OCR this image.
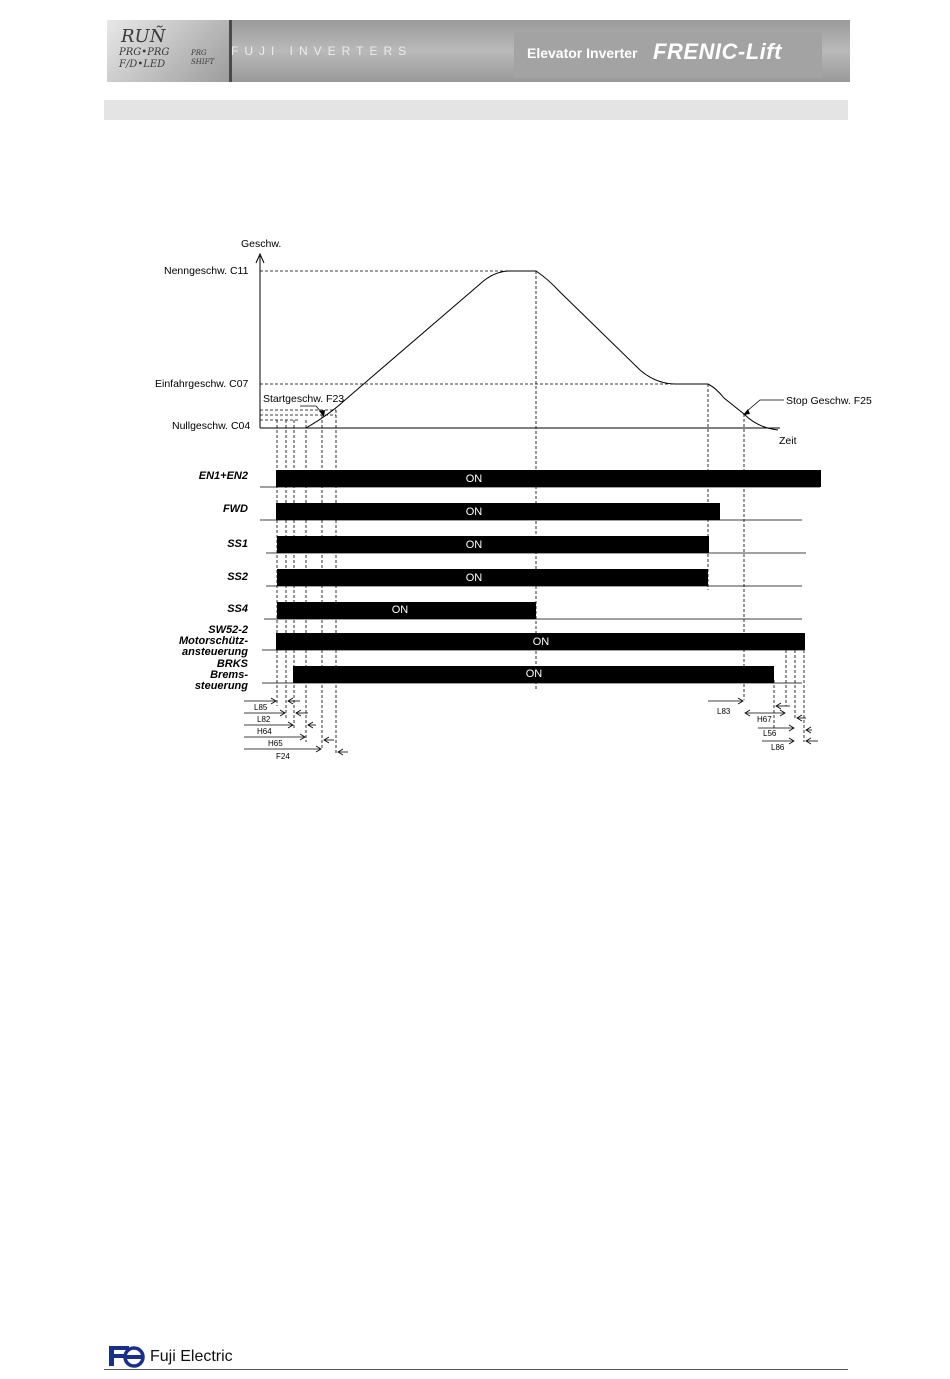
RUÑ
PRG•PRG
F/D•LED
PRG
SHIFT
FUJI INVERTERS	Elevator Inverter FRENIC-Lift
Geschw.
Zeit
Nenngeschw. C11
Einfahrgeschw. C07
Startgeschw. F23
Nullgeschw. C04
Stop Geschw. F25
EN1+EN2
FWD
SS1
SS2
SS4
SW52-2
Motorschütz-
ansteuerung
BRKS
Brems-
steuerung
ON
ON
ON
ON
ON
ON
ON
L85
L82
H64
H65
F24
L83
H67
L56
L86
Fuji Electric
